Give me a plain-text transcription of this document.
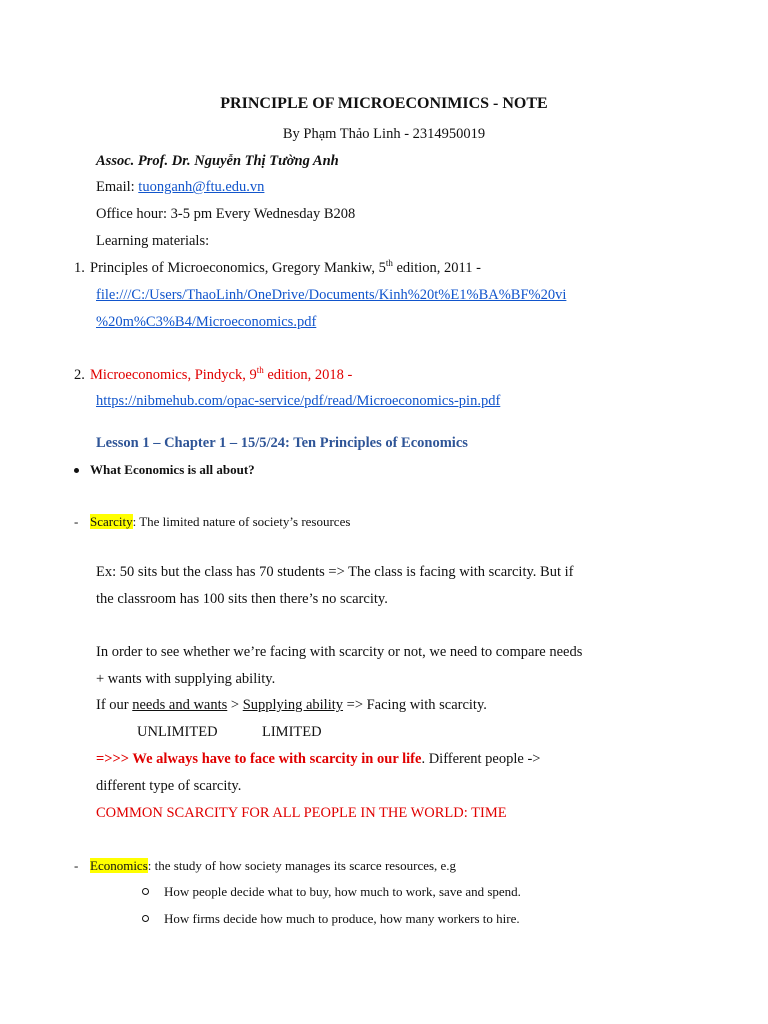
PRINCIPLE OF MICROECONIMICS - NOTE
By Phạm Thảo Linh - 2314950019
Assoc. Prof. Dr. Nguyễn Thị Tường Anh
Email: tuonganh@ftu.edu.vn
Office hour: 3-5 pm Every Wednesday B208
Learning materials:
1. Principles of Microeconomics, Gregory Mankiw, 5th edition, 2011 -
file:///C:/Users/ThaoLinh/OneDrive/Documents/Kinh%20t%E1%BA%BF%20vi
%20m%C3%B4/Microeconomics.pdf
2. Microeconomics, Pindyck, 9th edition, 2018 -
https://nibmehub.com/opac-service/pdf/read/Microeconomics-pin.pdf
Lesson 1 – Chapter 1 – 15/5/24: Ten Principles of Economics
What Economics is all about?
- Scarcity: The limited nature of society’s resources
Ex: 50 sits but the class has 70 students => The class is facing with scarcity. But if
the classroom has 100 sits then there’s no scarcity.
In order to see whether we’re facing with scarcity or not, we need to compare needs
+ wants with supplying ability.
If our needs and wants > Supplying ability => Facing with scarcity.
UNLIMITED	LIMITED
=>>> We always have to face with scarcity in our life. Different people ->
different type of scarcity.
COMMON SCARCITY FOR ALL PEOPLE IN THE WORLD: TIME
- Economics: the study of how society manages its scarce resources, e.g
How people decide what to buy, how much to work, save and spend.
How firms decide how much to produce, how many workers to hire.
